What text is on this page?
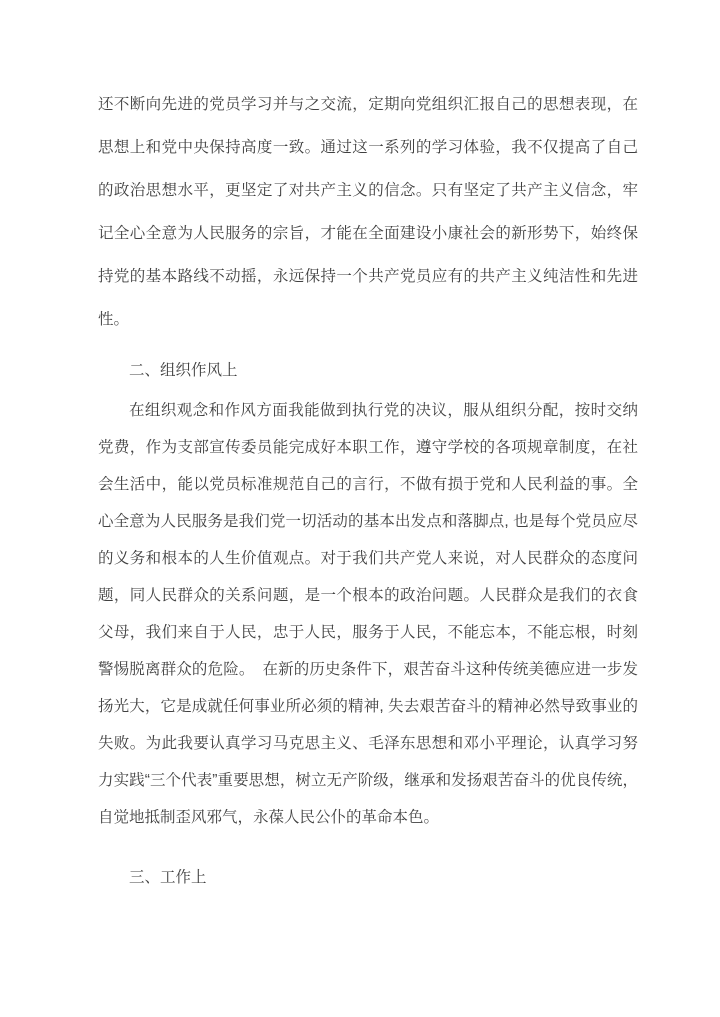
还不断向先进的党员学习并与之交流，定期向党组织汇报自己的思想表现，在思想上和党中央保持高度一致。通过这一系列的学习体验，我不仅提高了自己的政治思想水平，更坚定了对共产主义的信念。只有坚定了共产主义信念，牢记全心全意为人民服务的宗旨，才能在全面建设小康社会的新形势下，始终保持党的基本路线不动摇，永远保持一个共产党员应有的共产主义纯洁性和先进性。

二、组织作风上

在组织观念和作风方面我能做到执行党的决议，服从组织分配，按时交纳党费，作为支部宣传委员能完成好本职工作，遵守学校的各项规章制度，在社会生活中，能以党员标准规范自己的言行，不做有损于党和人民利益的事。全心全意为人民服务是我们党一切活动的基本出发点和落脚点, 也是每个党员应尽的义务和根本的人生价值观点。对于我们共产党人来说，对人民群众的态度问题，同人民群众的关系问题，是一个根本的政治问题。人民群众是我们的衣食父母，我们来自于人民，忠于人民，服务于人民，不能忘本，不能忘根，时刻警惕脱离群众的危险。　在新的历史条件下，艰苦奋斗这种传统美德应进一步发扬光大，它是成就任何事业所必须的精神, 失去艰苦奋斗的精神必然导致事业的失败。为此我要认真学习马克思主义、毛泽东思想和邓小平理论，认真学习努力实践“三个代表”重要思想，树立无产阶级，继承和发扬艰苦奋斗的优良传统，自觉地抵制歪风邪气，永葆人民公仆的革命本色。

三、工作上
